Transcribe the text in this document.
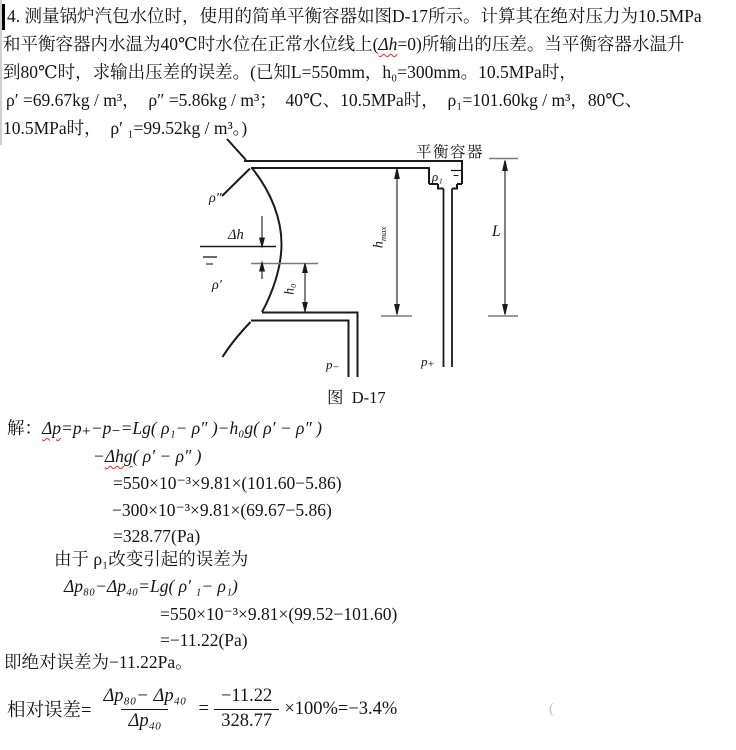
4. 测量锅炉汽包水位时，使用的简单平衡容器如图D-17所示。计算其在绝对压力为10.5MPa
和平衡容器内水温为40℃时水位在正常水位线上(Δh=0)所输出的压差。当平衡容器水温升
到80℃时，求输出压差的误差。(已知L=550mm，h₀=300mm。10.5MPa时，
ρ′ =69.67kg / m³，  ρ″ =5.86kg / m³；  40℃、10.5MPa时，  ρ₁=101.60kg / m³，80℃、
10.5MPa时，  ρ′ ₁=99.52kg / m³。)
平衡容器
ρ″
Δh
ρ′	h₀
$h_{max}$	L
ρ₁
p₋	p₊
图  D-17
解： Δp=p₊−p₋=Lg( ρ₁− ρ″ )−h₀g( ρ′ − ρ″ )
−Δhg( ρ′ − ρ″ )
=550×10⁻³×9.81×(101.60−5.86)
−300×10⁻³×9.81×(69.67−5.86)
=328.77(Pa)
由于 ρ₁改变引起的误差为
Δp₈₀−Δp₄₀=Lg( ρ′ ₁− ρ₁)
=550×10⁻³×9.81×(99.52−101.60)
=−11.22(Pa)
即绝对误差为−11.22Pa。
相对误差= $\frac{\text{Δp₈₀− Δp₄₀}}{\text{Δp₄₀}} = \frac{-11.22}{328.77} \times 100\%=-3.4\%$	(
